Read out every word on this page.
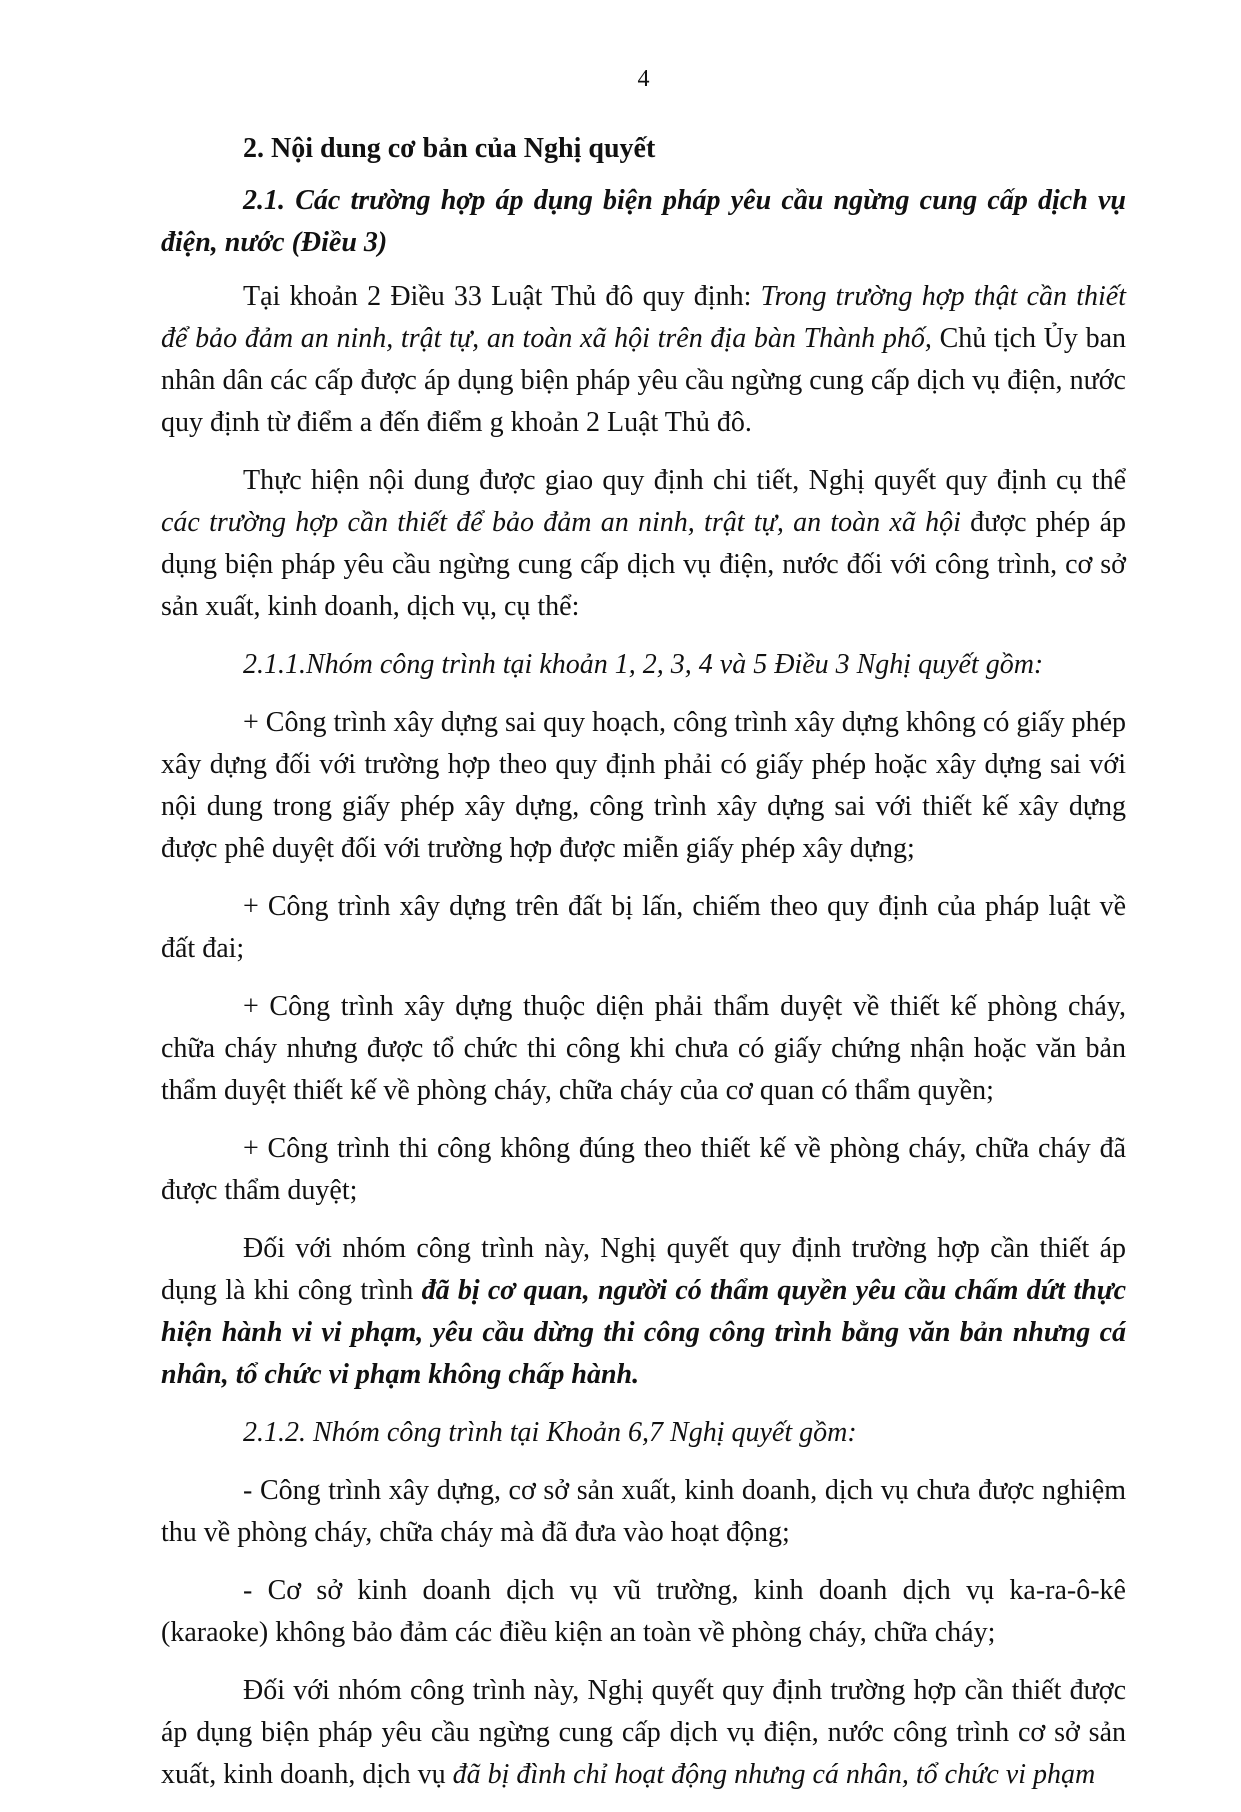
4

2. Nội dung cơ bản của Nghị quyết

2.1. Các trường hợp áp dụng biện pháp yêu cầu ngừng cung cấp dịch vụ điện, nước (Điều 3)

Tại khoản 2 Điều 33 Luật Thủ đô quy định: Trong trường hợp thật cần thiết để bảo đảm an ninh, trật tự, an toàn xã hội trên địa bàn Thành phố, Chủ tịch Ủy ban nhân dân các cấp được áp dụng biện pháp yêu cầu ngừng cung cấp dịch vụ điện, nước quy định từ điểm a đến điểm g khoản 2 Luật Thủ đô.

Thực hiện nội dung được giao quy định chi tiết, Nghị quyết quy định cụ thể các trường hợp cần thiết để bảo đảm an ninh, trật tự, an toàn xã hội được phép áp dụng biện pháp yêu cầu ngừng cung cấp dịch vụ điện, nước đối với công trình, cơ sở sản xuất, kinh doanh, dịch vụ, cụ thể:

2.1.1.Nhóm công trình tại khoản 1, 2, 3, 4 và 5 Điều 3 Nghị quyết gồm:

+ Công trình xây dựng sai quy hoạch, công trình xây dựng không có giấy phép xây dựng đối với trường hợp theo quy định phải có giấy phép hoặc xây dựng sai với nội dung trong giấy phép xây dựng, công trình xây dựng sai với thiết kế xây dựng được phê duyệt đối với trường hợp được miễn giấy phép xây dựng;

+ Công trình xây dựng trên đất bị lấn, chiếm theo quy định của pháp luật về đất đai;

+ Công trình xây dựng thuộc diện phải thẩm duyệt về thiết kế phòng cháy, chữa cháy nhưng được tổ chức thi công khi chưa có giấy chứng nhận hoặc văn bản thẩm duyệt thiết kế về phòng cháy, chữa cháy của cơ quan có thẩm quyền;

+ Công trình thi công không đúng theo thiết kế về phòng cháy, chữa cháy đã được thẩm duyệt;

Đối với nhóm công trình này, Nghị quyết quy định trường hợp cần thiết áp dụng là khi công trình đã bị cơ quan, người có thẩm quyền yêu cầu chấm dứt thực hiện hành vi vi phạm, yêu cầu dừng thi công công trình bằng văn bản nhưng cá nhân, tổ chức vi phạm không chấp hành.

2.1.2. Nhóm công trình tại Khoản 6,7 Nghị quyết gồm:

- Công trình xây dựng, cơ sở sản xuất, kinh doanh, dịch vụ chưa được nghiệm thu về phòng cháy, chữa cháy mà đã đưa vào hoạt động;

- Cơ sở kinh doanh dịch vụ vũ trường, kinh doanh dịch vụ ka-ra-ô-kê (karaoke) không bảo đảm các điều kiện an toàn về phòng cháy, chữa cháy;

Đối với nhóm công trình này, Nghị quyết quy định trường hợp cần thiết được áp dụng biện pháp yêu cầu ngừng cung cấp dịch vụ điện, nước công trình cơ sở sản xuất, kinh doanh, dịch vụ đã bị đình chỉ hoạt động nhưng cá nhân, tổ chức vi phạm
